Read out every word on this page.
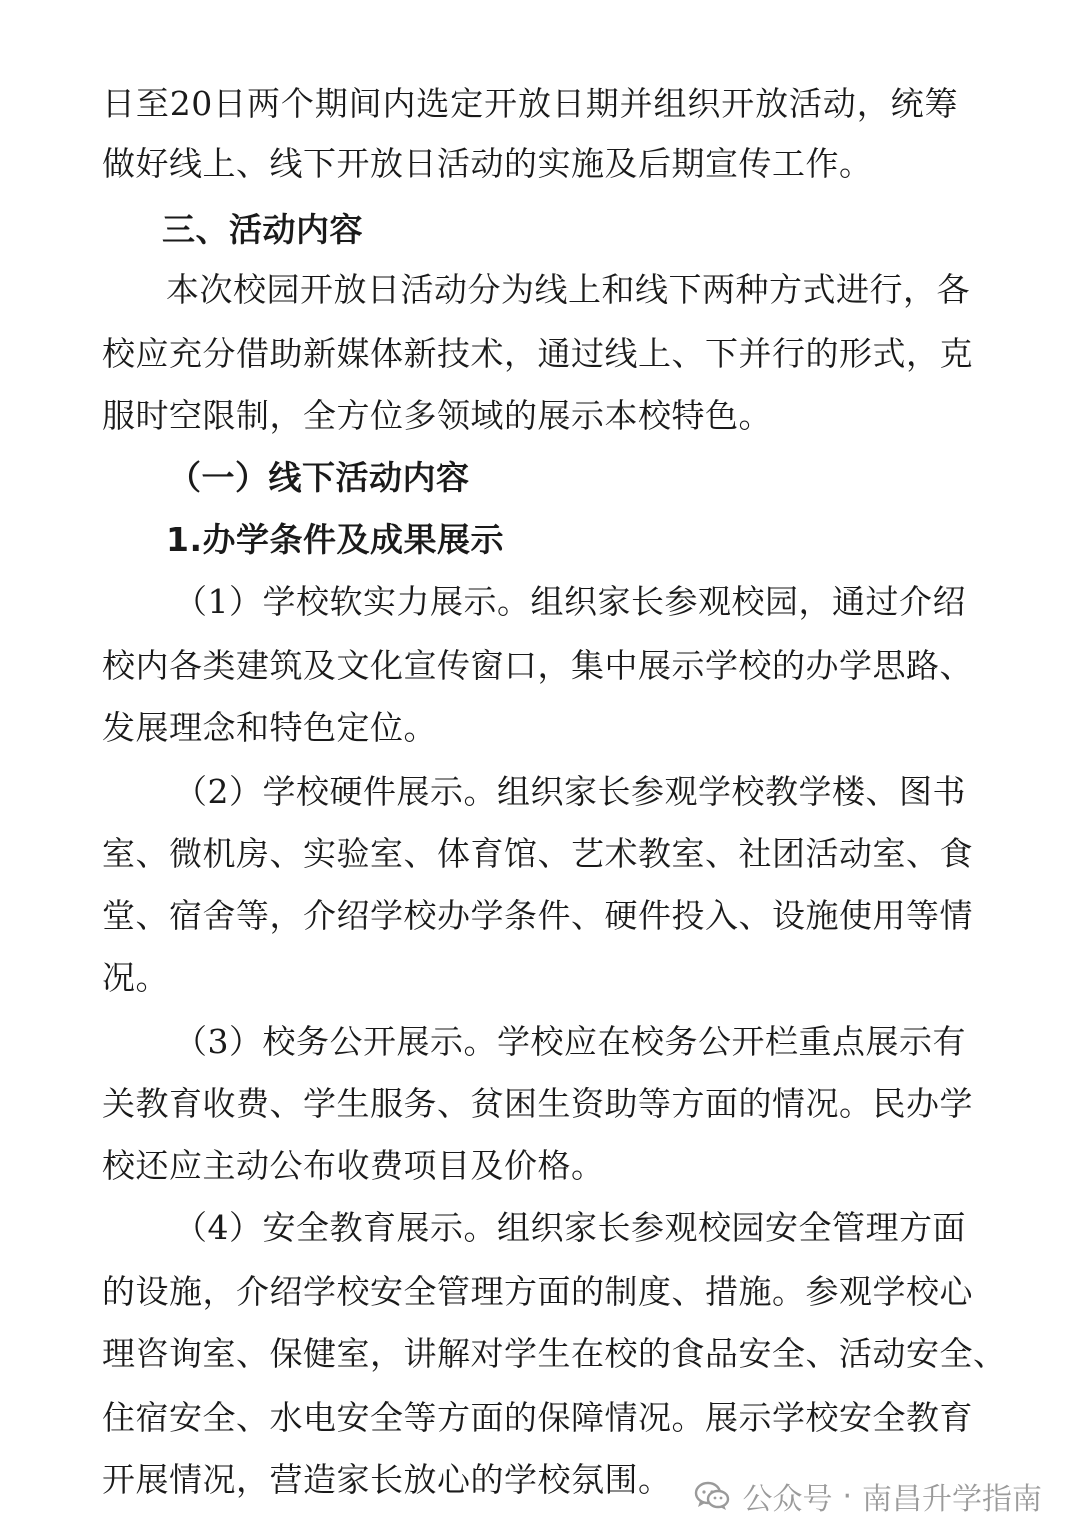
日 至 20 日 两 个 期 间 内 选 定 开 放 日 期 并 组 织 开 放 活 动 ， 统 筹
做好线上、线下开放日活动的实施及后期宣传工作。
三、活动内容
本 次 校 园 开 放 日 活 动 分 为 线 上 和 线 下 两 种 方 式 进 行 ， 各
校 应 充 分 借 助 新 媒 体 新 技 术 ， 通 过 线 上 、 下 并 行 的 形 式 ， 克
服时空限制，全方位多领域的展示本校特色。
（一）线下活动内容
1.办学条件及成果展示
（ 1 ） 学 校 软 实 力 展 示 。 组 织 家 长 参 观 校 园 ， 通 过 介 绍
校 内 各 类 建 筑 及 文 化 宣 传 窗 口 ， 集 中 展 示 学 校 的 办 学 思 路 、
发展理念和特色定位。
（ 2 ） 学 校 硬 件 展 示 。 组 织 家 长 参 观 学 校 教 学 楼 、 图 书
室 、 微 机 房 、 实 验 室 、 体 育 馆 、 艺 术 教 室 、 社 团 活 动 室 、 食
堂 、 宿 舍 等 ， 介 绍 学 校 办 学 条 件 、 硬 件 投 入 、 设 施 使 用 等 情
况。
（ 3 ） 校 务 公 开 展 示 。 学 校 应 在 校 务 公 开 栏 重 点 展 示 有
关 教 育 收 费 、 学 生 服 务 、 贫 困 生 资 助 等 方 面 的 情 况 。 民 办 学
校还应主动公布收费项目及价格。
（ 4 ） 安 全 教 育 展 示 。 组 织 家 长 参 观 校 园 安 全 管 理 方 面
的 设 施 ， 介 绍 学 校 安 全 管 理 方 面 的 制 度 、 措 施 。 参 观 学 校 心
理 咨 询 室 、 保 健 室 ， 讲 解 对 学 生 在 校 的 食 品 安 全 、 活 动 安 全 、
住 宿 安 全 、 水 电 安 全 等 方 面 的 保 障 情 况 。 展 示 学 校 安 全 教 育
开展情况，营造家长放心的学校氛围。
公众号 · 南昌升学指南
